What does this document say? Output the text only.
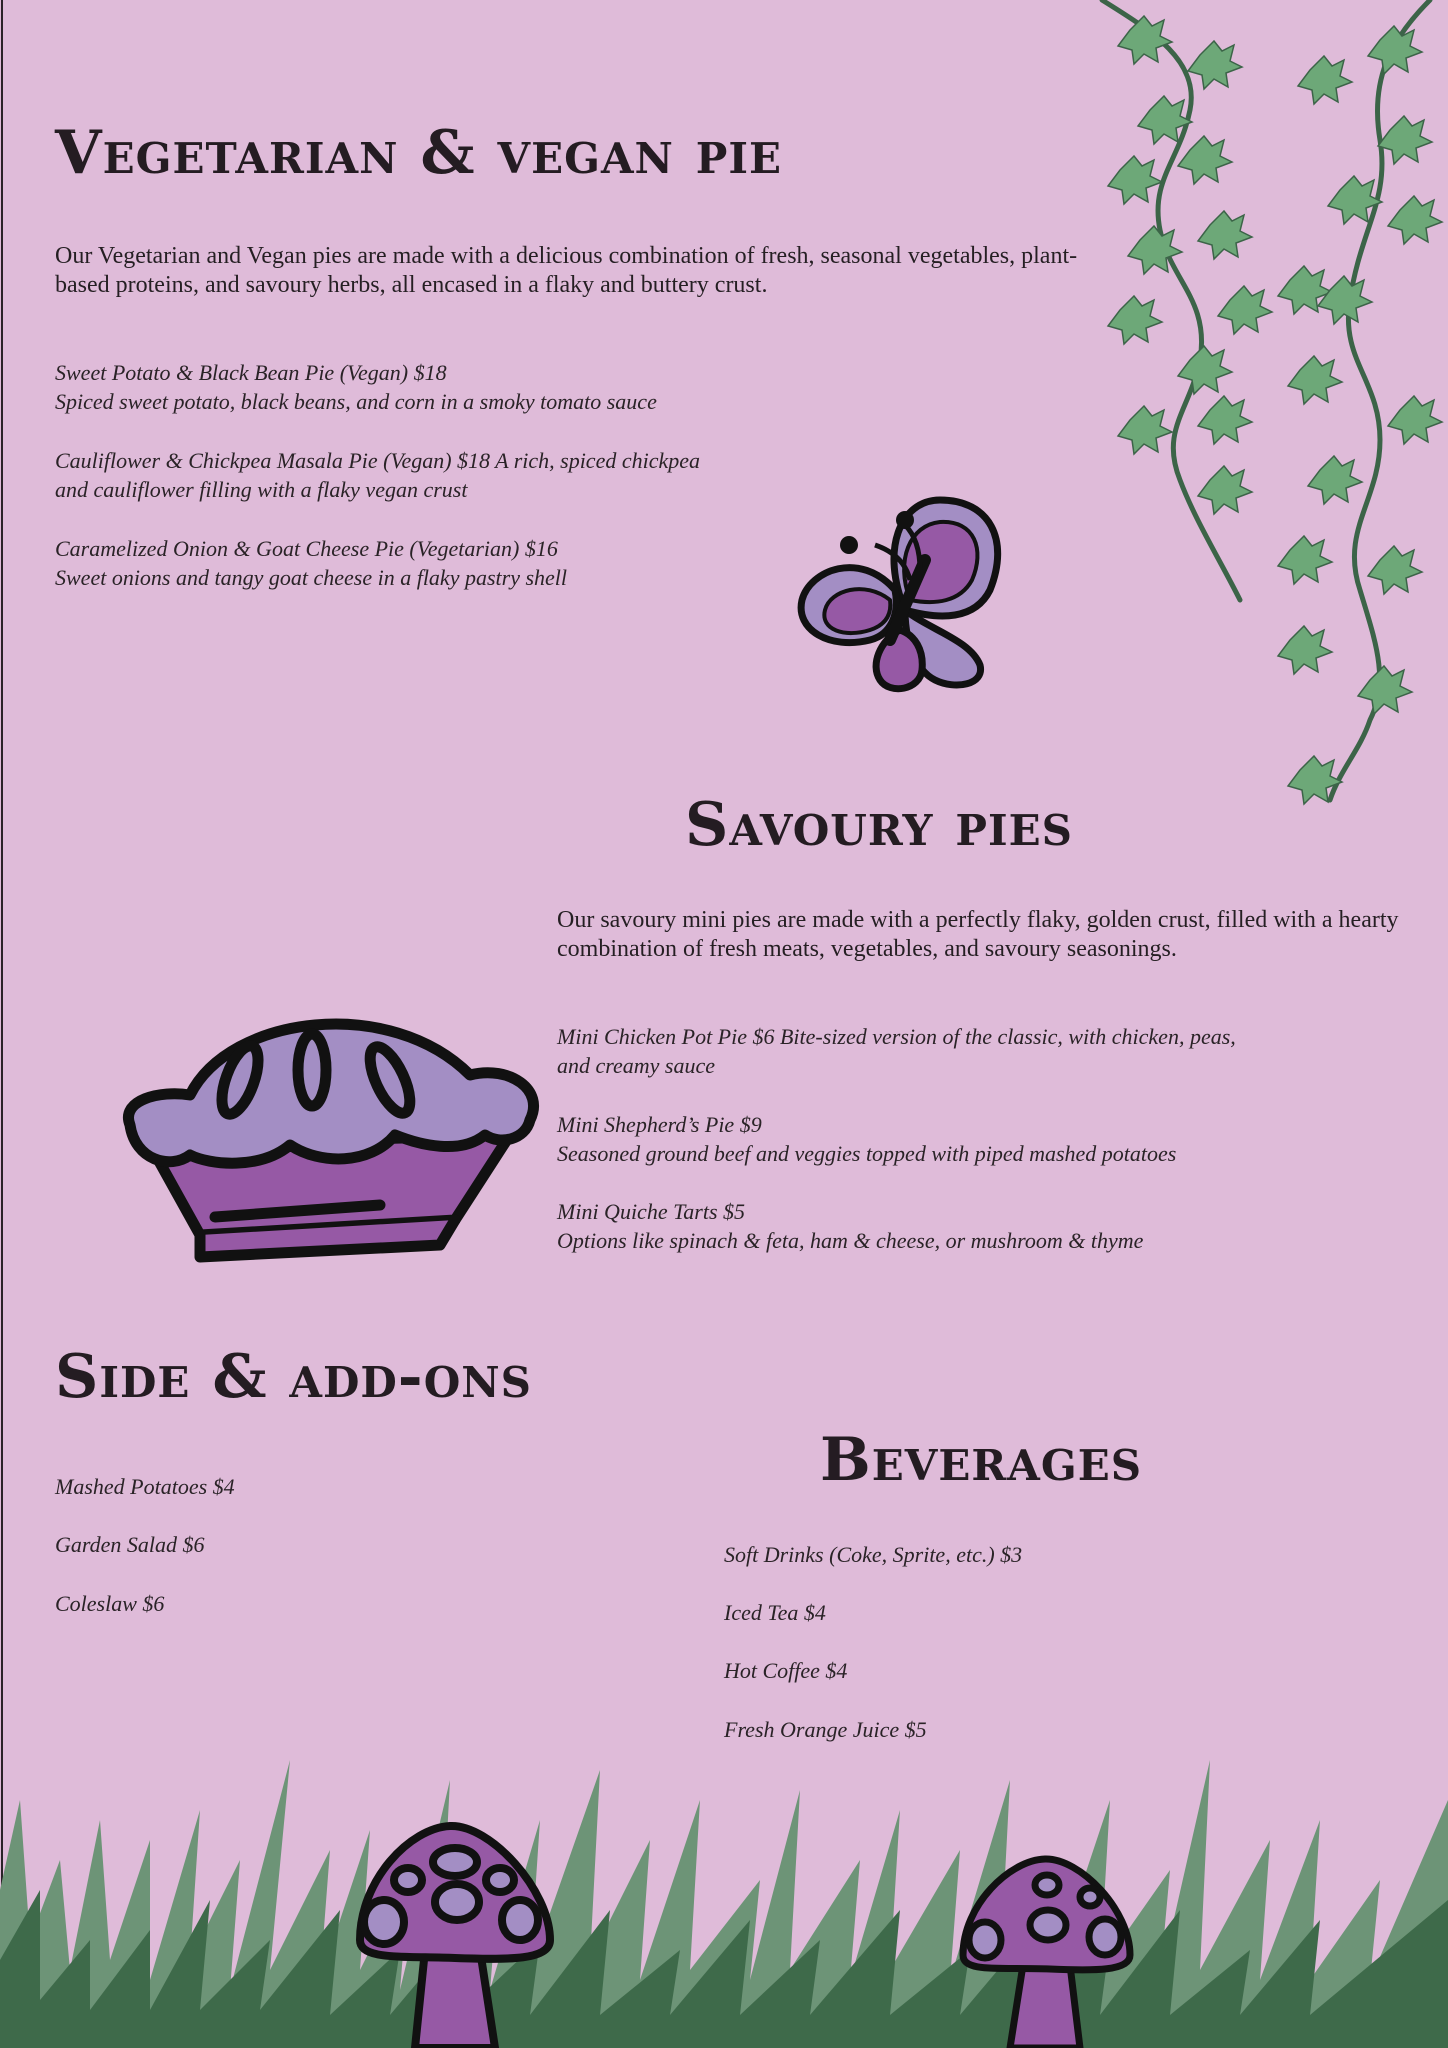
Vegetarian & vegan pie

Our Vegetarian and Vegan pies are made with a delicious combination of fresh, seasonal vegetables, plant-based proteins, and savoury herbs, all encased in a flaky and buttery crust.

Sweet Potato & Black Bean Pie (Vegan) $18
Spiced sweet potato, black beans, and corn in a smoky tomato sauce
Cauliflower & Chickpea Masala Pie (Vegan) $18 A rich, spiced chickpea
and cauliflower filling with a flaky vegan crust
Caramelized Onion & Goat Cheese Pie (Vegetarian) $16
Sweet onions and tangy goat cheese in a flaky pastry shell
Savoury pies

Our savoury mini pies are made with a perfectly flaky, golden crust, filled with a hearty combination of fresh meats, vegetables, and savoury seasonings.

Mini Chicken Pot Pie $6 Bite-sized version of the classic, with chicken, peas,
and creamy sauce
Mini Shepherd’s Pie $9
Seasoned ground beef and veggies topped with piped mashed potatoes
Mini Quiche Tarts $5
Options like spinach & feta, ham & cheese, or mushroom & thyme
Side & add-ons
Mashed Potatoes $4
Garden Salad $6
Coleslaw $6
Beverages
Soft Drinks (Coke, Sprite, etc.) $3
Iced Tea $4
Hot Coffee $4
Fresh Orange Juice $5
